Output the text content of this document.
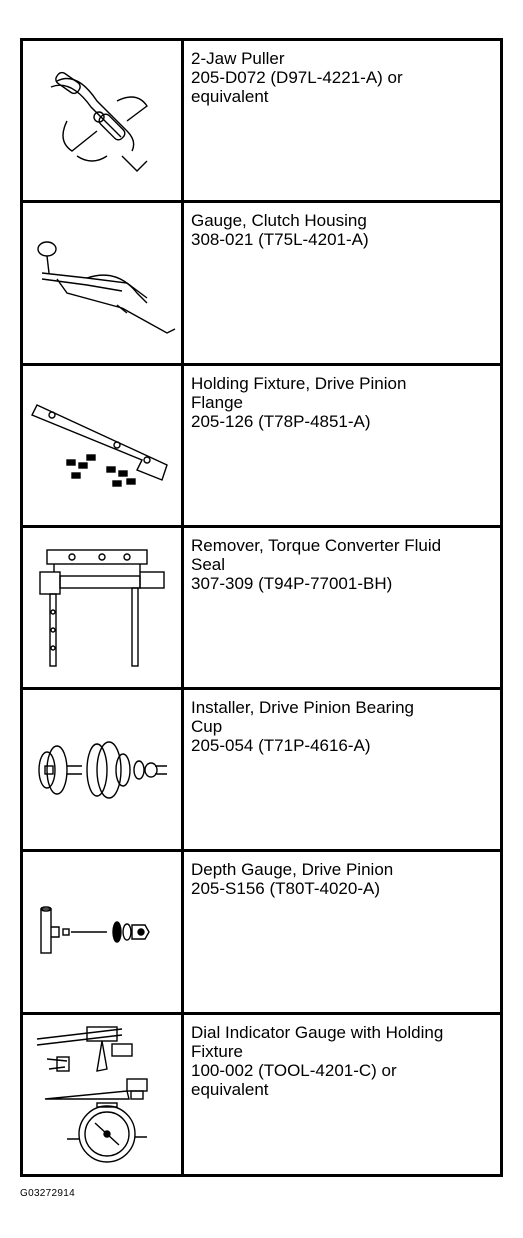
2-Jaw Puller
205-D072 (D97L-4221-A) or
equivalent

Gauge, Clutch Housing
308-021 (T75L-4201-A)

Holding Fixture, Drive Pinion
Flange
205-126 (T78P-4851-A)

Remover, Torque Converter Fluid
Seal
307-309 (T94P-77001-BH)

Installer, Drive Pinion Bearing
Cup
205-054 (T71P-4616-A)

Depth Gauge, Drive Pinion
205-S156 (T80T-4020-A)

Dial Indicator Gauge with Holding
Fixture
100-002 (TOOL-4201-C) or
equivalent
G03272914
